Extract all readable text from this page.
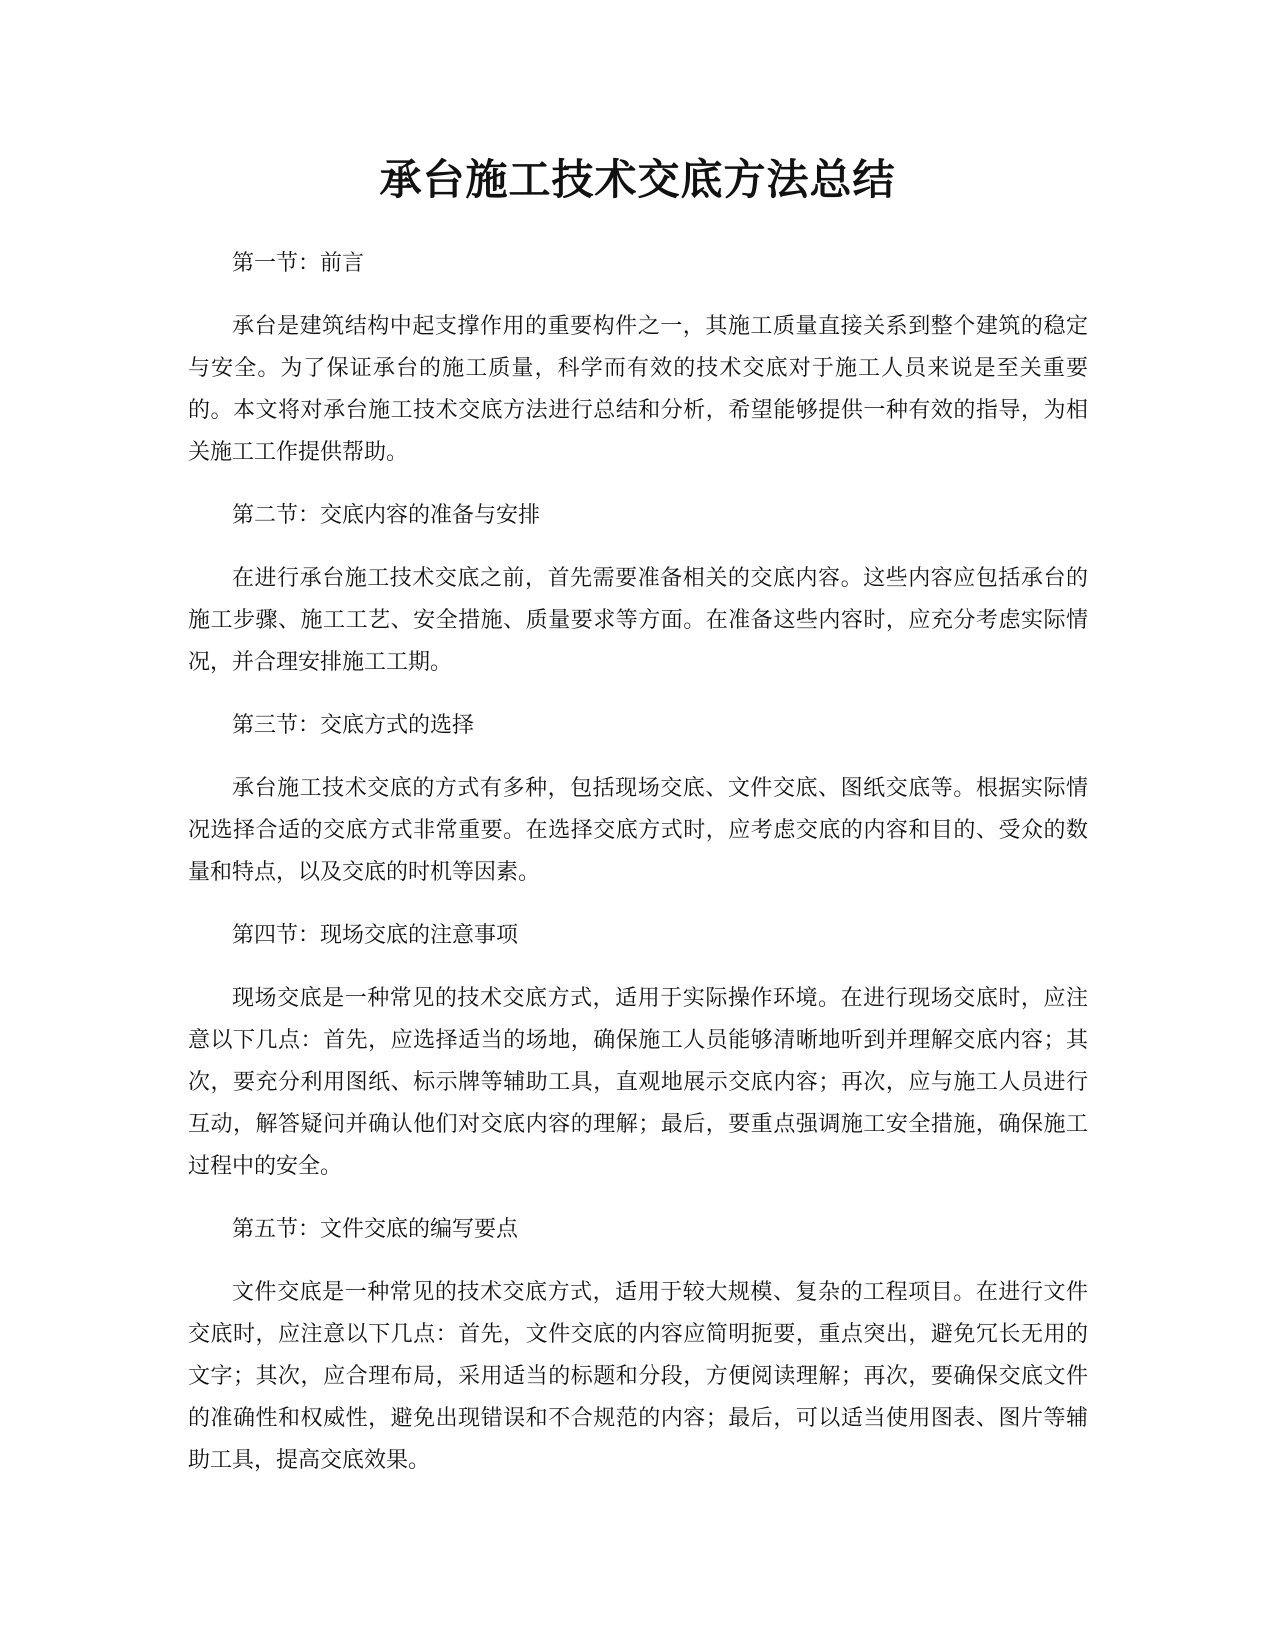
承台施工技术交底方法总结

第一节：前言

承台是建筑结构中起支撑作用的重要构件之一，其施工质量直接关系到整个建筑的稳定与安全。为了保证承台的施工质量，科学而有效的技术交底对于施工人员来说是至关重要的。本文将对承台施工技术交底方法进行总结和分析，希望能够提供一种有效的指导，为相关施工工作提供帮助。

第二节：交底内容的准备与安排

在进行承台施工技术交底之前，首先需要准备相关的交底内容。这些内容应包括承台的施工步骤、施工工艺、安全措施、质量要求等方面。在准备这些内容时，应充分考虑实际情况，并合理安排施工工期。

第三节：交底方式的选择

承台施工技术交底的方式有多种，包括现场交底、文件交底、图纸交底等。根据实际情况选择合适的交底方式非常重要。在选择交底方式时，应考虑交底的内容和目的、受众的数量和特点，以及交底的时机等因素。

第四节：现场交底的注意事项

现场交底是一种常见的技术交底方式，适用于实际操作环境。在进行现场交底时，应注意以下几点：首先，应选择适当的场地，确保施工人员能够清晰地听到并理解交底内容；其次，要充分利用图纸、标示牌等辅助工具，直观地展示交底内容；再次，应与施工人员进行互动，解答疑问并确认他们对交底内容的理解；最后，要重点强调施工安全措施，确保施工过程中的安全。

第五节：文件交底的编写要点

文件交底是一种常见的技术交底方式，适用于较大规模、复杂的工程项目。在进行文件交底时，应注意以下几点：首先，文件交底的内容应简明扼要，重点突出，避免冗长无用的文字；其次，应合理布局，采用适当的标题和分段，方便阅读理解；再次，要确保交底文件的准确性和权威性，避免出现错误和不合规范的内容；最后，可以适当使用图表、图片等辅助工具，提高交底效果。
